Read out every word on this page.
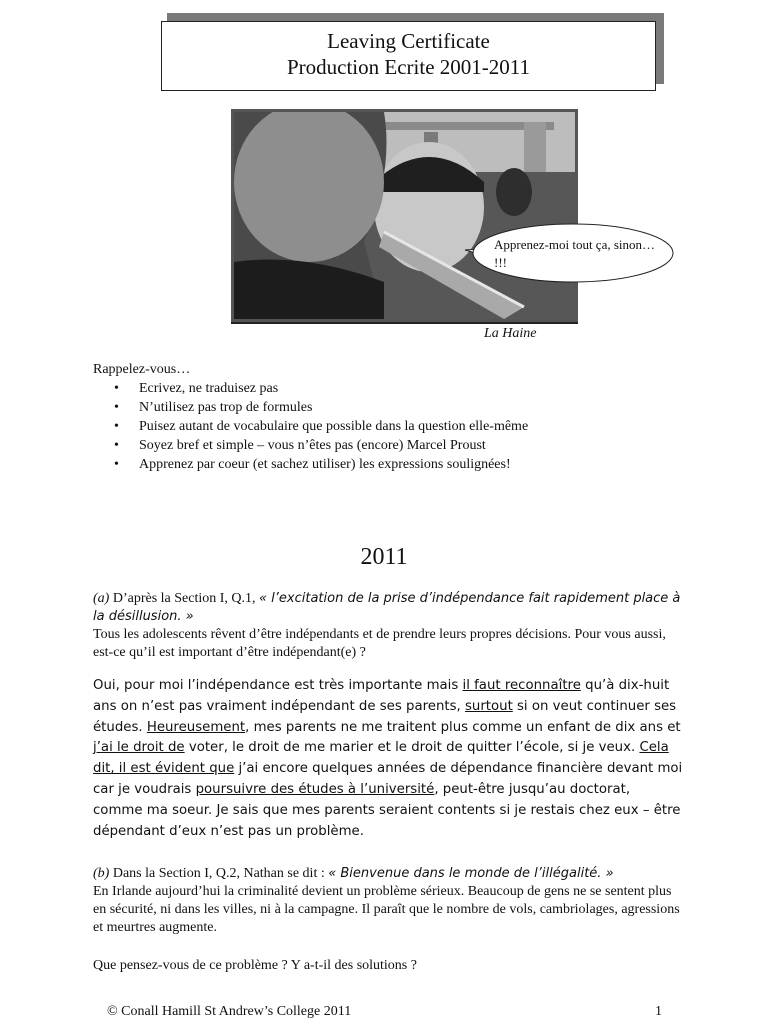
Leaving Certificate
Production Ecrite 2001-2011
Apprenez-moi tout ça, sinon… !!!
La Haine
Rappelez-vous…
• Ecrivez, ne traduisez pas
• N’utilisez pas trop de formules
• Puisez autant de vocabulaire que possible dans la question elle-même
• Soyez bref et simple – vous n’êtes pas (encore) Marcel Proust
• Apprenez par coeur (et sachez utiliser) les expressions soulignées!
2011
(a) D’après la Section I, Q.1, « l’excitation de la prise d’indépendance fait rapidement place à la désillusion. »
Tous les adolescents rêvent d’être indépendants et de prendre leurs propres décisions. Pour vous aussi, est-ce qu’il est important d’être indépendant(e) ?
Oui, pour moi l’indépendance est très importante mais il faut reconnaître qu’à dix-huit ans on n’est pas vraiment indépendant de ses parents, surtout si on veut continuer ses études. Heureusement, mes parents ne me traitent plus comme un enfant de dix ans et j’ai le droit de voter, le droit de me marier et le droit de quitter l’école, si je veux. Cela dit, il est évident que j’ai encore quelques années de dépendance financière devant moi car je voudrais poursuivre des études à l’université, peut-être jusqu’au doctorat, comme ma soeur. Je sais que mes parents seraient contents si je restais chez eux – être dépendant d’eux n’est pas un problème.
(b) Dans la Section I, Q.2, Nathan se dit : « Bienvenue dans le monde de l’illégalité. »
En Irlande aujourd’hui la criminalité devient un problème sérieux. Beaucoup de gens ne se sentent plus en sécurité, ni dans les villes, ni à la campagne. Il paraît que le nombre de vols, cambriolages, agressions et meurtres augmente.
Que pensez-vous de ce problème ? Y a-t-il des solutions ?
© Conall Hamill St Andrew’s College 2011	1
